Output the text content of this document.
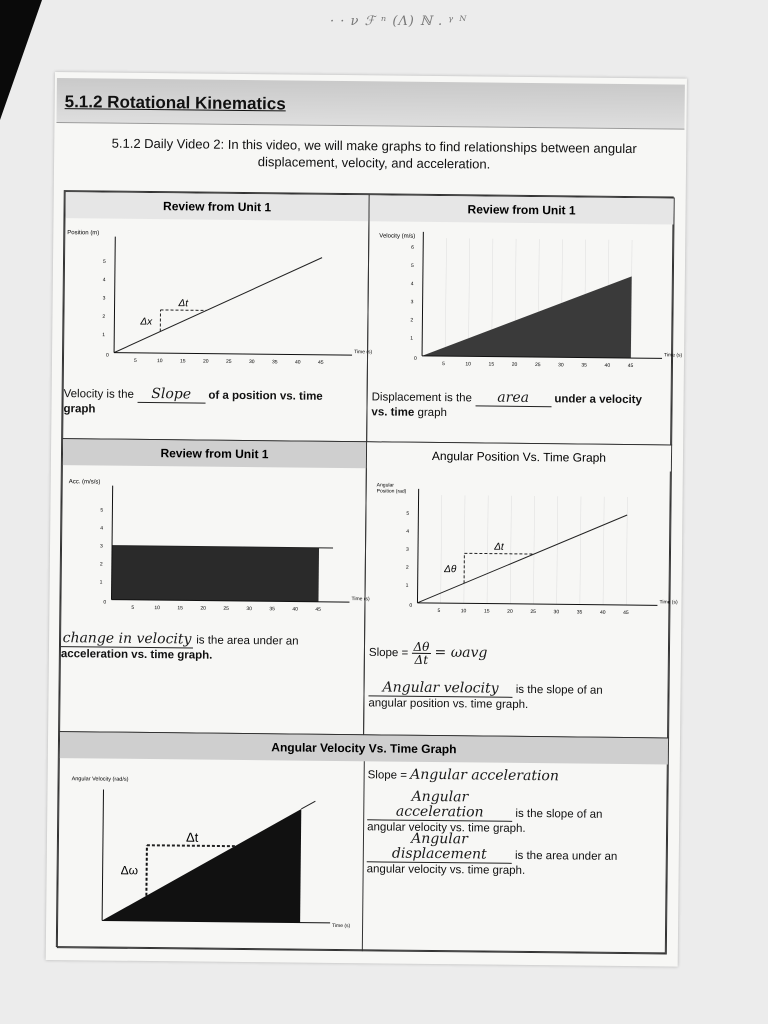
· · ν ℱ ⁿ (Λ) ℕ . ᵞ ᴺ
5.1.2 Rotational Kinematics
5.1.2 Daily Video 2: In this video, we will make graphs to find relationships between angular displacement, velocity, and acceleration.
Review from Unit 1
Position (m)
Δt
Δx
Time (s)
0
5	10	15	20	25	30	35	40	45
1
2
3
4
5
Velocity is the Slope of a position vs. time
graph
Review from Unit 1
Velocity (m/s)
Time (s)
0
5	10	15	20	25	30	35	40	45
1
2
3
4
5
6
Displacement is the area under a velocity
vs. time graph
Review from Unit 1
Acc. (m/s/s)
Time (s)
0
5	10	15	20	25	30	35	40	45
1
2
3
4
5
change in velocity is the area under an
acceleration vs. time graph.
Angular Position Vs. Time Graph
Angular
Position (rad)
Δt
Δθ
Time (s)
0
5	10	15	20	25	30	35	40	45
1
2
3
4
5
Slope = $\frac{\Delta\theta}{\Delta t} = \omega avg$
Angular velocity is the slope of an
angular position vs. time graph.
Angular Velocity Vs. Time Graph
Angular Velocity (rad/s)
Δt
Δω
Time (s)
Slope = Angular acceleration
Angular acceleration	is the slope of an
angular velocity vs. time graph.
Angular displacement is the area under an
angular velocity vs. time graph.
